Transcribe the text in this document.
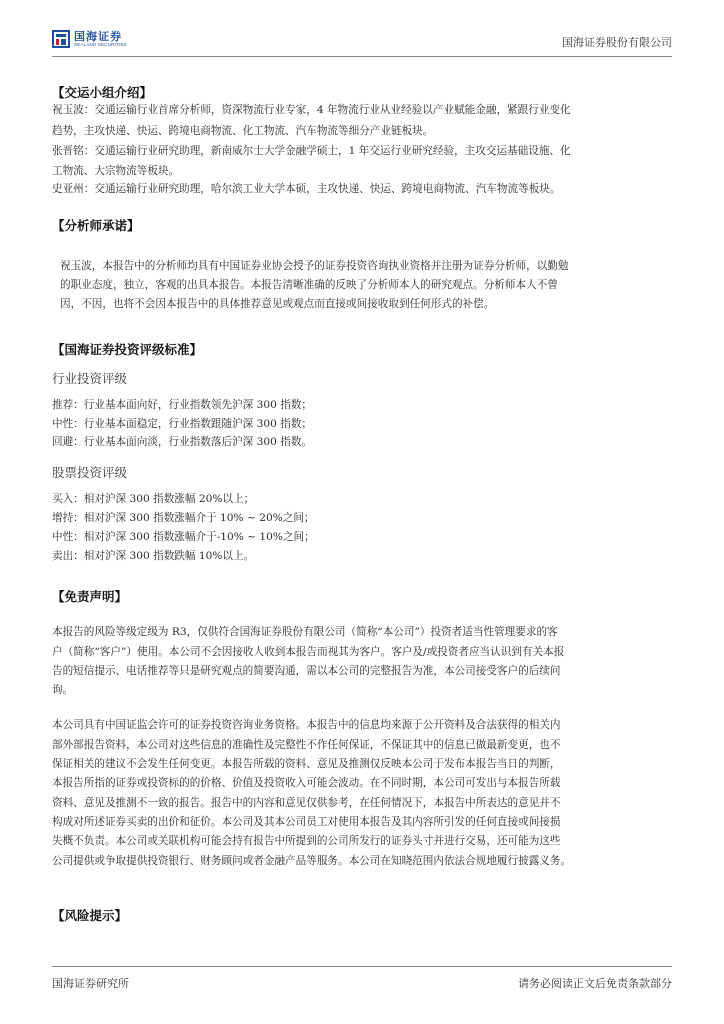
国海证券
SEALAND SECURITIES	国海证券股份有限公司
【交运小组介绍】
祝玉波：交通运输行业首席分析师，资深物流行业专家，4 年物流行业从业经验以产业赋能金融，紧跟行业变化
趋势，主攻快递、快运、跨境电商物流、化工物流、汽车物流等细分产业链板块。
张晋铭：交通运输行业研究助理，新南威尔士大学金融学硕士，1 年交运行业研究经验，主攻交运基础设施、化
工物流、大宗物流等板块。
史亚州：交通运输行业研究助理，哈尔滨工业大学本硕，主攻快递、快运、跨境电商物流、汽车物流等板块。
【分析师承诺】
祝玉波，本报告中的分析师均具有中国证券业协会授予的证券投资咨询执业资格并注册为证券分析师，以勤勉
的职业态度，独立，客观的出具本报告。本报告清晰准确的反映了分析师本人的研究观点。分析师本人不曾
因，不因，也将不会因本报告中的具体推荐意见或观点而直接或间接收取到任何形式的补偿。
【国海证券投资评级标准】
行业投资评级
推荐：行业基本面向好，行业指数领先沪深 300 指数；
中性：行业基本面稳定，行业指数跟随沪深 300 指数；
回避：行业基本面向淡，行业指数落后沪深 300 指数。
股票投资评级
买入：相对沪深 300 指数涨幅 20%以上；
增持：相对沪深 300 指数涨幅介于 10% ~ 20%之间；
中性：相对沪深 300 指数涨幅介于-10% ~ 10%之间；
卖出：相对沪深 300 指数跌幅 10%以上。
【免责声明】
本报告的风险等级定级为 R3，仅供符合国海证券股份有限公司（简称“本公司”）投资者适当性管理要求的客
户（简称“客户”）使用。本公司不会因接收人收到本报告而视其为客户。客户及/或投资者应当认识到有关本报
告的短信提示、电话推荐等只是研究观点的简要沟通，需以本公司的完整报告为准，本公司接受客户的后续问
询。
本公司具有中国证监会许可的证券投资咨询业务资格。本报告中的信息均来源于公开资料及合法获得的相关内
部外部报告资料，本公司对这些信息的准确性及完整性不作任何保证，不保证其中的信息已做最新变更，也不
保证相关的建议不会发生任何变更。本报告所载的资料、意见及推测仅反映本公司于发布本报告当日的判断，
本报告所指的证券或投资标的的价格、价值及投资收入可能会波动。在不同时期，本公司可发出与本报告所载
资料、意见及推测不一致的报告。报告中的内容和意见仅供参考，在任何情况下，本报告中所表达的意见并不
构成对所述证券买卖的出价和征价。本公司及其本公司员工对使用本报告及其内容所引发的任何直接或间接损
失概不负责。本公司或关联机构可能会持有报告中所提到的公司所发行的证券头寸并进行交易，还可能为这些
公司提供或争取提供投资银行、财务顾问或者金融产品等服务。本公司在知晓范围内依法合规地履行披露义务。
【风险提示】
国海证券研究所	请务必阅读正文后免责条款部分
